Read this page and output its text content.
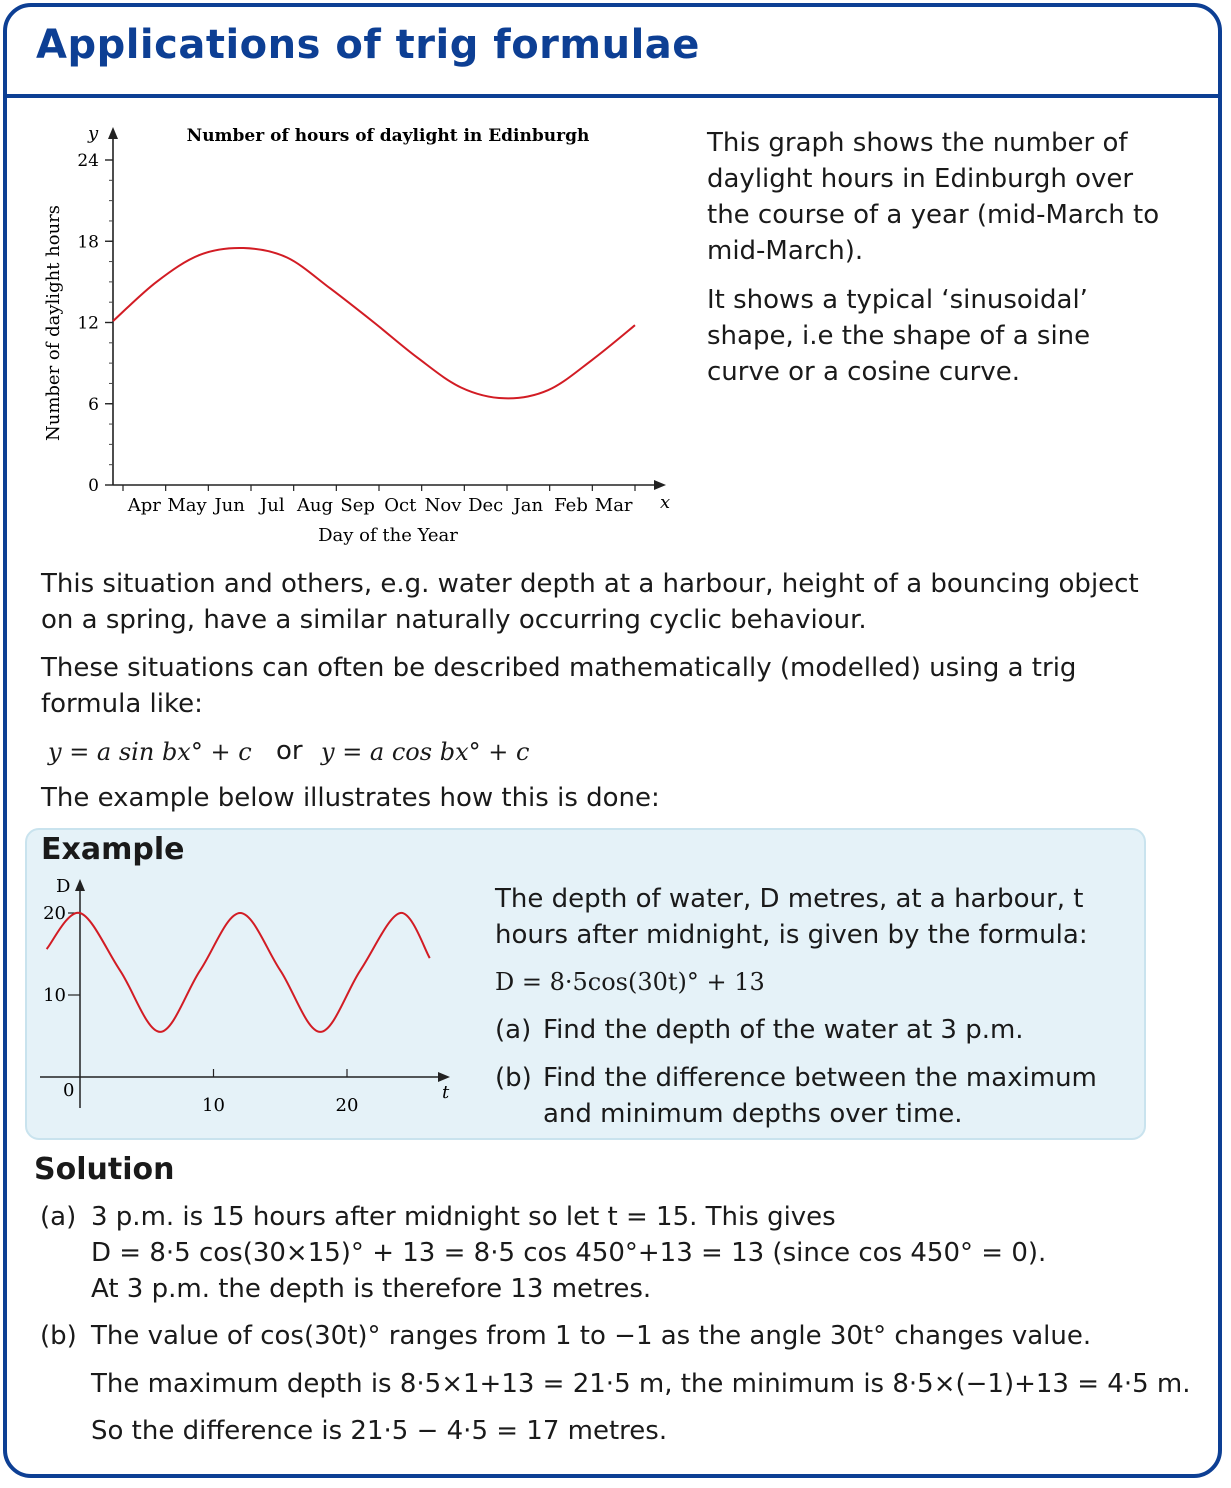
Applications of trig formulae
Number of hours of daylight in Edinburgh
x
y
0
6
12
18
24
Apr May Jun Jul Aug Sep Oct Nov Dec Jan Feb Mar
Day of the Year
Number of daylight hours
This graph shows the number of daylight hours in Edinburgh over the course of a year (mid-March to mid-March).
It shows a typical ‘sinusoidal’ shape, i.e the shape of a sine curve or a cosine curve.
This situation and others, e.g. water depth at a harbour, height of a bouncing object on a spring, have a similar naturally occurring cyclic behaviour.
These situations can often be described mathematically (modelled) using a trig formula like:
y = a sin bx° + c or y = a cos bx° + c
The example below illustrates how this is done:
Example
D
t
0
10
20
10	20
The depth of water, D metres, at a harbour, t hours after midnight, is given by the formula:
D = 8·5cos(30t)° + 13
(a) Find the depth of the water at 3 p.m.
(b) Find the difference between the maximum and minimum depths over time.
Solution
(a) 3 p.m. is 15 hours after midnight so let t = 15. This gives
D = 8·5 cos(30×15)° + 13 = 8·5 cos 450°+13 = 13 (since cos 450° = 0).
At 3 p.m. the depth is therefore 13 metres.
(b) The value of cos(30t)° ranges from 1 to −1 as the angle 30t° changes value.
The maximum depth is 8·5×1+13 = 21·5 m, the minimum is 8·5×(−1)+13 = 4·5 m.
So the difference is 21·5 − 4·5 = 17 metres.
